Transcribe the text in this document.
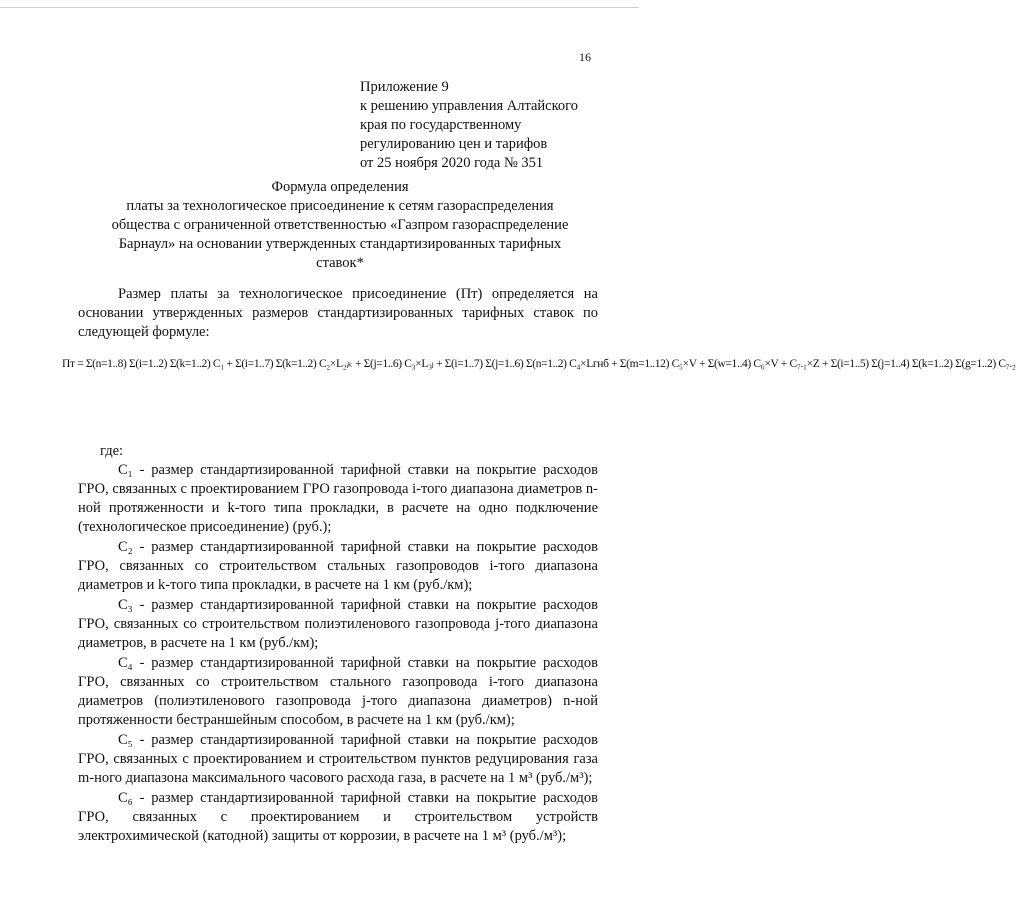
16
Приложение 9
к решению управления Алтайского
края по государственному
регулированию цен и тарифов
от 25 ноября 2020 года № 351
Формула определения
платы за технологическое присоединение к сетям газораспределения
общества с ограниченной ответственностью «Газпром газораспределение
Барнаул» на основании утвержденных стандартизированных тарифных
ставок*

Размер платы за технологическое присоединение (Пт) определяется на основании утвержденных размеров стандартизированных тарифных ставок по следующей формуле:

Пт = Σ(n=1..8) Σ(i=1..2) Σ(k=1..2) C₁ + Σ(i=1..7) Σ(k=1..2) C₂×L₂ᵢₖ + Σ(j=1..6) C₃×L₃ⱼ + Σ(i=1..7) Σ(j=1..6) Σ(n=1..2) C₄×Lгнб + Σ(m=1..12) C₅×V + Σ(w=1..4) C₆×V + C₇.₁×Z + Σ(i=1..5) Σ(j=1..4) Σ(k=1..2) Σ(g=1..2) C₇.₂

где:

C₁ - размер стандартизированной тарифной ставки на покрытие расходов ГРО, связанных с проектированием ГРО газопровода i-того диапазона диаметров n-ной протяженности и k-того типа прокладки, в расчете на одно подключение (технологическое присоединение) (руб.);

C₂ - размер стандартизированной тарифной ставки на покрытие расходов ГРО, связанных со строительством стальных газопроводов i-того диапазона диаметров и k-того типа прокладки, в расчете на 1 км (руб./км);

C₃ - размер стандартизированной тарифной ставки на покрытие расходов ГРО, связанных со строительством полиэтиленового газопровода j-того диапазона диаметров, в расчете на 1 км (руб./км);

C₄ - размер стандартизированной тарифной ставки на покрытие расходов ГРО, связанных со строительством стального газопровода i-того диапазона диаметров (полиэтиленового газопровода j-того диапазона диаметров) n-ной протяженности бестраншейным способом, в расчете на 1 км (руб./км);

C₅ - размер стандартизированной тарифной ставки на покрытие расходов ГРО, связанных с проектированием и строительством пунктов редуцирования газа m-ного диапазона максимального часового расхода газа, в расчете на 1 м³ (руб./м³);

C₆ - размер стандартизированной тарифной ставки на покрытие расходов ГРО, связанных с проектированием и строительством устройств электрохимической (катодной) защиты от коррозии, в расчете на 1 м³ (руб./м³);
